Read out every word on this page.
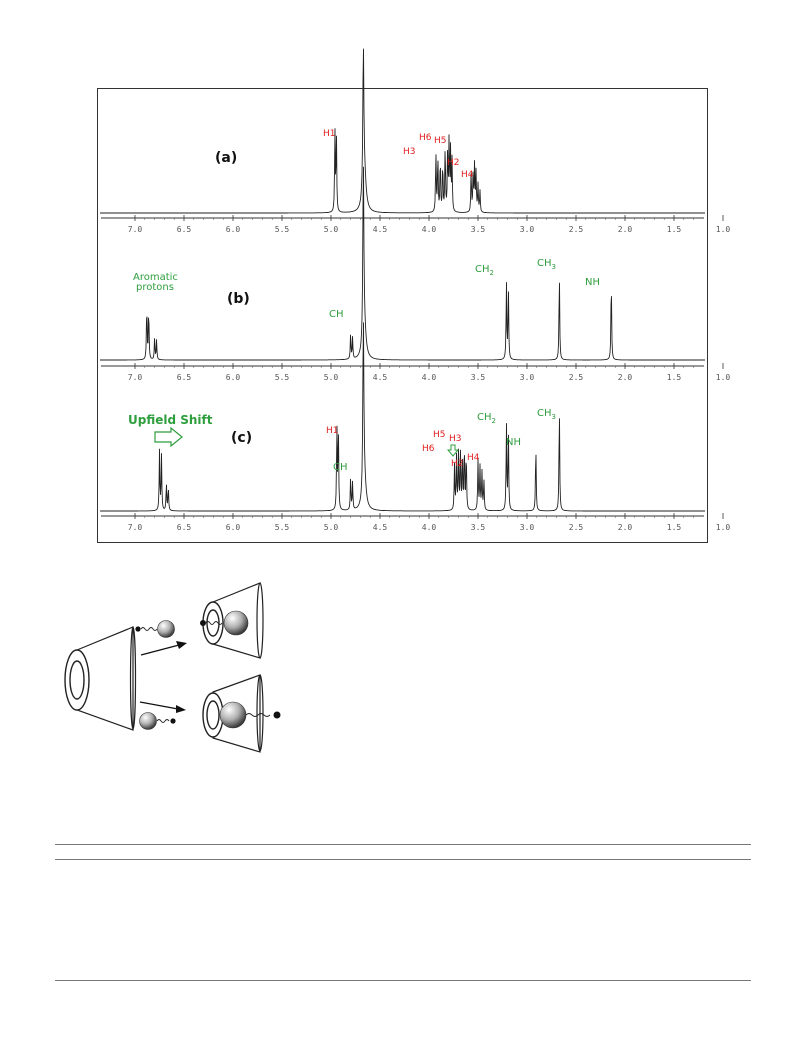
7.0	6.5	6.0	5.5	5.0	4.5	4.0	3.5	3.0	2.5	2.0	1.5	1.0
(a)
H1
H3
H6 H5
H2
H4
7.0	6.5	6.0	5.5	5.0	4.5	4.0	3.5	3.0	2.5	2.0	1.5	1.0
(b)
Aromatic
protons
CH
$CH_2$
$CH_3$
NH
7.0	6.5	6.0	5.5	5.0	4.5	4.0	3.5	3.0	2.5	2.0	1.5	1.0
(c)
Upfield Shift
H1
CH
H5
H6
H3
H2
H4
$CH_2$
NH
$CH_3$
